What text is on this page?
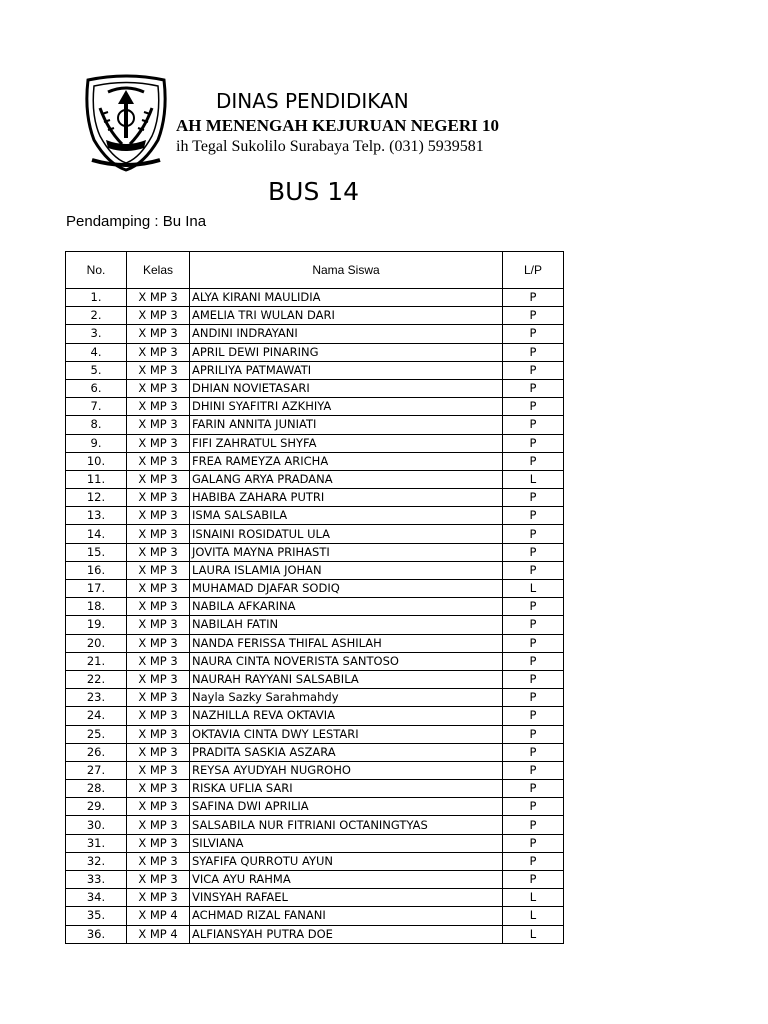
DINAS PENDIDIKAN
AH MENENGAH KEJURUAN NEGERI 10
ih Tegal Sukolilo Surabaya Telp. (031) 5939581
BUS 14
Pendamping : Bu Ina
No.	Kelas	Nama Siswa	L/P
1.	X MP 3	ALYA KIRANI MAULIDIA	P
2.	X MP 3	AMELIA TRI WULAN DARI	P
3.	X MP 3	ANDINI INDRAYANI	P
4.	X MP 3	APRIL DEWI PINARING	P
5.	X MP 3	APRILIYA PATMAWATI	P
6.	X MP 3	DHIAN NOVIETASARI	P
7.	X MP 3	DHINI SYAFITRI AZKHIYA	P
8.	X MP 3	FARIN ANNITA JUNIATI	P
9.	X MP 3	FIFI ZAHRATUL SHYFA	P
10.	X MP 3	FREA RAMEYZA ARICHA	P
11.	X MP 3	GALANG ARYA PRADANA	L
12.	X MP 3	HABIBA ZAHARA PUTRI	P
13.	X MP 3	ISMA SALSABILA	P
14.	X MP 3	ISNAINI ROSIDATUL ULA	P
15.	X MP 3	JOVITA MAYNA PRIHASTI	P
16.	X MP 3	LAURA ISLAMIA JOHAN	P
17.	X MP 3	MUHAMAD DJAFAR SODIQ	L
18.	X MP 3	NABILA AFKARINA	P
19.	X MP 3	NABILAH FATIN	P
20.	X MP 3	NANDA FERISSA THIFAL ASHILAH	P
21.	X MP 3	NAURA CINTA NOVERISTA SANTOSO	P
22.	X MP 3	NAURAH RAYYANI SALSABILA	P
23.	X MP 3	Nayla Sazky Sarahmahdy	P
24.	X MP 3	NAZHILLA REVA OKTAVIA	P
25.	X MP 3	OKTAVIA CINTA DWY LESTARI	P
26.	X MP 3	PRADITA SASKIA ASZARA	P
27.	X MP 3	REYSA AYUDYAH NUGROHO	P
28.	X MP 3	RISKA UFLIA SARI	P
29.	X MP 3	SAFINA DWI APRILIA	P
30.	X MP 3	SALSABILA NUR FITRIANI OCTANINGTYAS	P
31.	X MP 3	SILVIANA	P
32.	X MP 3	SYAFIFA QURROTU AYUN	P
33.	X MP 3	VICA AYU RAHMA	P
34.	X MP 3	VINSYAH RAFAEL	L
35.	X MP 4	ACHMAD RIZAL FANANI	L
36.	X MP 4	ALFIANSYAH PUTRA DOE	L
